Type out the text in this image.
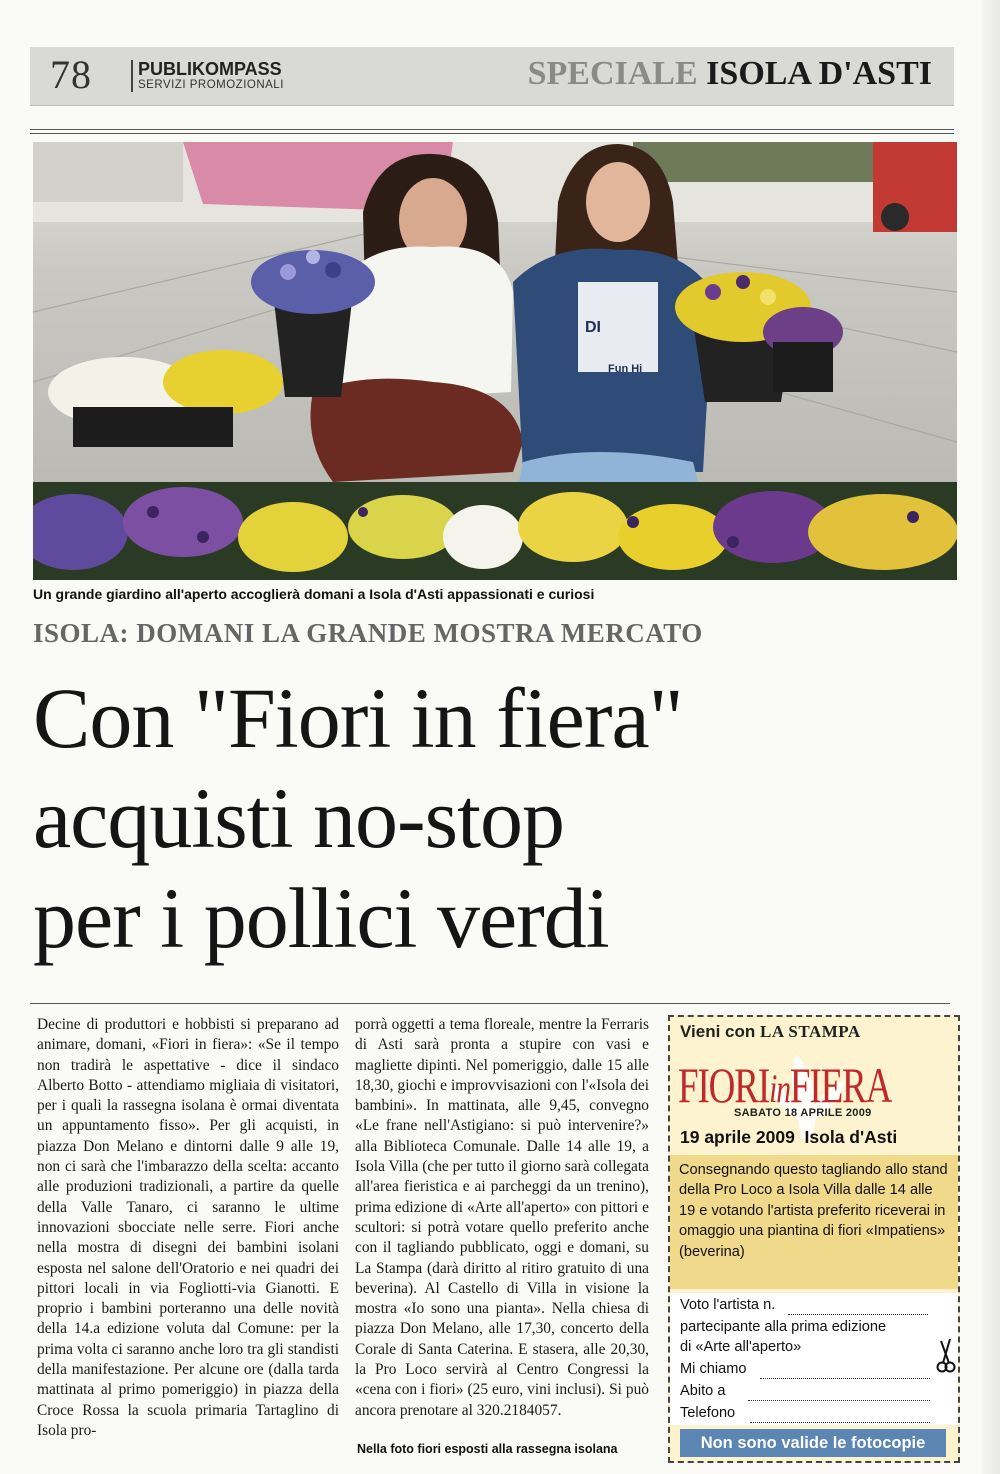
78	PUBLIKOMPASS
SERVIZI PROMOZIONALI	SPECIALE ISOLA D'ASTI
DI
Fun Hi
Un grande giardino all'aperto accoglierà domani a Isola d'Asti appassionati e curiosi
ISOLA: DOMANI LA GRANDE MOSTRA MERCATO
Con "Fiori in fiera"
acquisti no-stop
per i pollici verdi

Decine di produttori e hobbisti si preparano ad animare, domani, «Fiori in fiera»: «Se il tempo non tradirà le aspettative - dice il sindaco Alberto Botto - attendiamo migliaia di visitatori, per i quali la rassegna isolana è ormai diventata un appuntamento fisso». Per gli acquisti, in piazza Don Melano e dintorni dalle 9 alle 19, non ci sarà che l'imbarazzo della scelta: accanto alle produzioni tradizionali, a partire da quelle della Valle Tanaro, ci saranno le ultime innovazioni sbocciate nelle serre. Fiori anche nella mostra di disegni dei bambini isolani esposta nel salone dell'Oratorio e nei quadri dei pittori locali in via Fogliotti-via Gianotti. E proprio i bambini porteranno una delle novità della 14.a edizione voluta dal Comune: per la prima volta ci saranno anche loro tra gli standisti della manifestazione. Per alcune ore (dalla tarda mattinata al primo pomeriggio) in piazza della Croce Rossa la scuola primaria Tartaglino di Isola pro-

porrà oggetti a tema floreale, mentre la Ferraris di Asti sarà pronta a stupire con vasi e magliette dipinti. Nel pomeriggio, dalle 15 alle 18,30, giochi e improvvisazioni con l'«Isola dei bambini». In mattinata, alle 9,45, convegno «Le frane nell'Astigiano: si può intervenire?» alla Biblioteca Comunale. Dalle 14 alle 19, a Isola Villa (che per tutto il giorno sarà collegata all'area fieristica e ai parcheggi da un trenino), prima edizione di «Arte all'aperto» con pittori e scultori: si potrà votare quello preferito anche con il tagliando pubblicato, oggi e domani, su La Stampa (darà diritto al ritiro gratuito di una beverina). Al Castello di Villa in visione la mostra «Io sono una pianta». Nella chiesa di piazza Don Melano, alle 17,30, concerto della Corale di Santa Caterina. E stasera, alle 20,30, la Pro Loco servirà al Centro Congressi la «cena con i fiori» (25 euro, vini inclusi). Si può ancora prenotare al 320.2184057.

Nella foto fiori esposti alla rassegna isolana
Vieni con LA STAMPA
FIORIinFIERA
SABATO 18 APRILE 2009
19 aprile 2009 Isola d'Asti
Consegnando questo tagliando allo stand della Pro Loco a Isola Villa dalle 14 alle 19 e votando l'artista preferito riceverai in omaggio una piantina di fiori «Impatiens» (beverina)
Voto l'artista n.
partecipante alla prima edizione
di «Arte all'aperto»
Mi chiamo
Abito a
Telefono
Non sono valide le fotocopie
